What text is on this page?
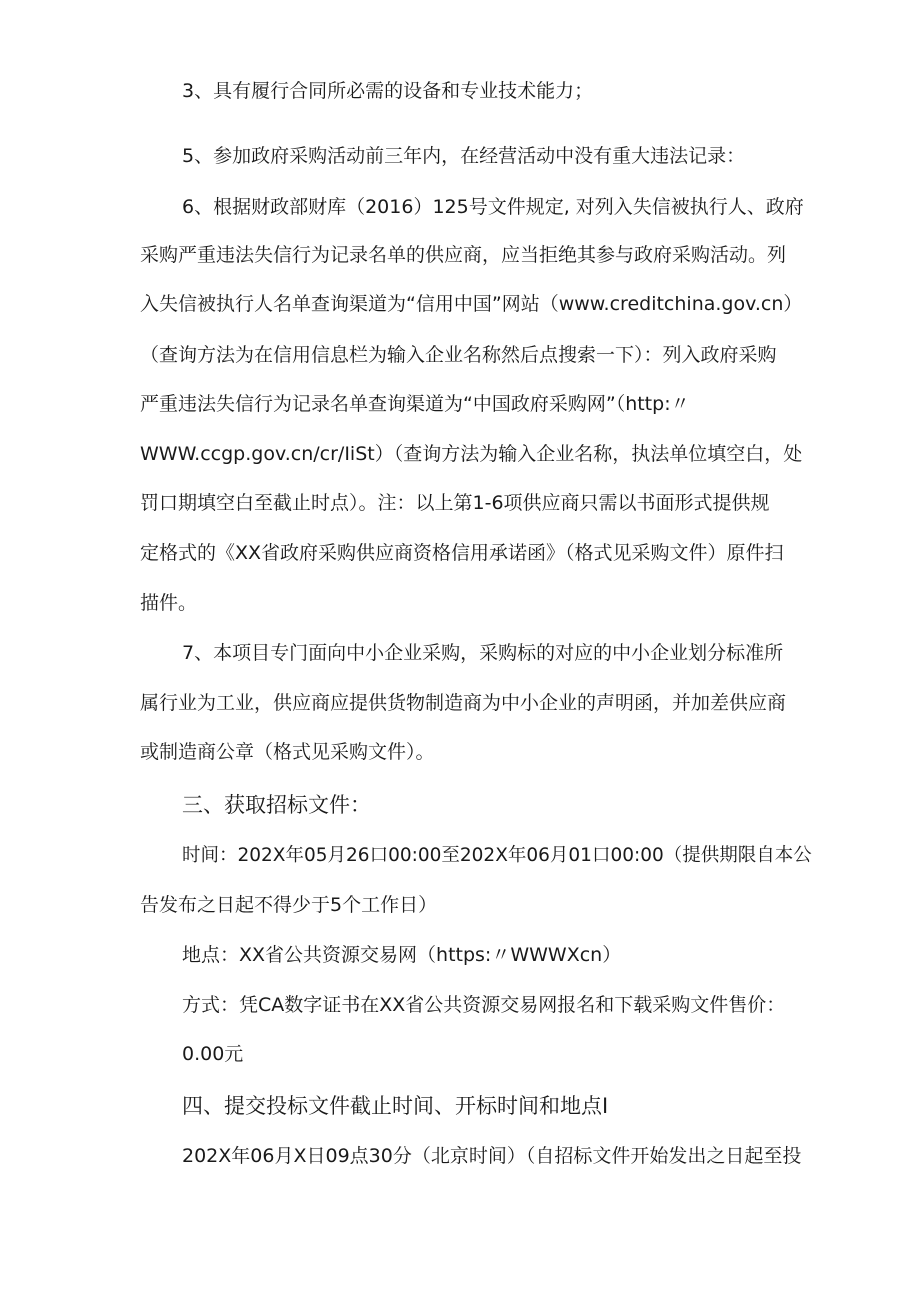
3、具有履行合同所必需的设备和专业技术能力；
5、参加政府采购活动前三年内，在经营活动中没有重大违法记录：
6、根据财政部财库（2016）125号文件规定, 对列入失信被执行人、政府
采购严重违法失信行为记录名单的供应商，应当拒绝其参与政府采购活动。列
入失信被执行人名单查询渠道为“信用中国”网站（www.creditchina.gov.cn）
（查询方法为在信用信息栏为输入企业名称然后点搜索一下）：列入政府采购
严重违法失信行为记录名单查询渠道为“中国政府采购网”（http:〃
WWW.ccgp.gov.cn/cr/IiSt）（查询方法为输入企业名称，执法单位填空白，处
罚口期填空白至截止时点）。注：以上第1-6项供应商只需以书面形式提供规
定格式的《XX省政府采购供应商资格信用承诺函》（格式见采购文件）原件扫
描件。
7、本项目专门面向中小企业采购，采购标的对应的中小企业划分标准所
属行业为工业，供应商应提供货物制造商为中小企业的声明函，并加差供应商
或制造商公章（格式见采购文件）。
三、获取招标文件：
时间：202X年05月26口00:00至202X年06月01口00:00（提供期限自本公
告发布之日起不得少于5个工作日）
地点：XX省公共资源交易网（https:〃WWWXcn）
方式：凭CA数字证书在XX省公共资源交易网报名和下载采购文件售价：
0.00元
四、提交投标文件截止时间、开标时间和地点I
202X年06月X日09点30分（北京时间）（自招标文件开始发出之日起至投
